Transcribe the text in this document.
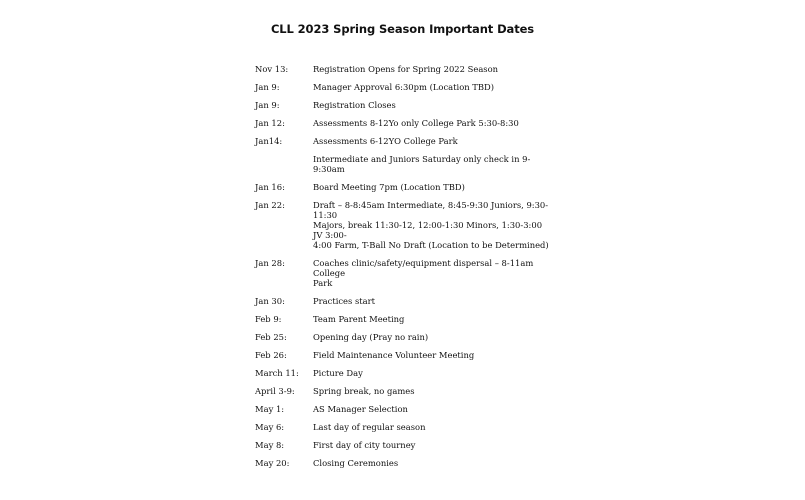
CLL 2023 Spring Season Important Dates
Nov 13:	Registration Opens for Spring 2022 Season
Jan 9:	Manager Approval 6:30pm (Location TBD)
Jan 9:	Registration Closes
Jan 12:	Assessments 8-12Yo only College Park 5:30-8:30
Jan14:	Assessments 6-12YO College Park
Intermediate and Juniors Saturday only check in 9-9:30am
Jan 16:	Board Meeting 7pm (Location TBD)
Jan 22:	Draft – 8-8:45am Intermediate, 8:45-9:30 Juniors, 9:30-11:30
Majors, break 11:30-12, 12:00-1:30 Minors, 1:30-3:00 JV 3:00-
4:00 Farm, T-Ball No Draft (Location to be Determined)
Jan 28:	Coaches clinic/safety/equipment dispersal – 8-11am College
Park
Jan 30:	Practices start
Feb 9:	Team Parent Meeting
Feb 25:	Opening day (Pray no rain)
Feb 26:	Field Maintenance Volunteer Meeting
March 11:	Picture Day
April 3-9:	Spring break, no games
May 1:	AS Manager Selection
May 6:	Last day of regular season
May 8:	First day of city tourney
May 20:	Closing Ceremonies
